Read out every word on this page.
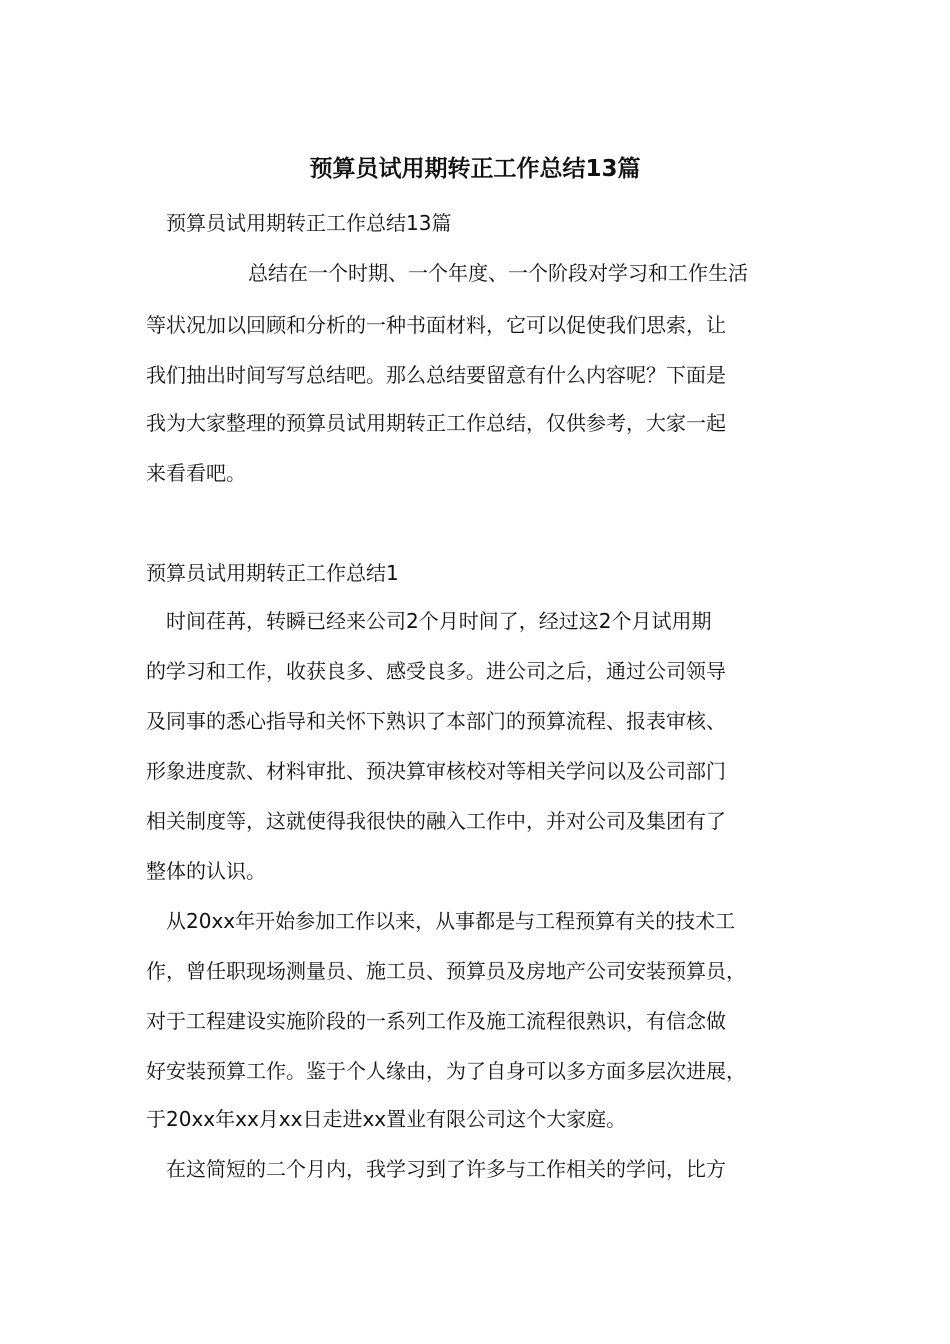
预算员试用期转正工作总结13篇
预算员试用期转正工作总结13篇
总结在一个时期、一个年度、一个阶段对学习和工作生活
等状况加以回顾和分析的一种书面材料，它可以促使我们思索，让
我们抽出时间写写总结吧。那么总结要留意有什么内容呢？下面是
我为大家整理的预算员试用期转正工作总结，仅供参考，大家一起
来看看吧。
预算员试用期转正工作总结1
时间荏苒，转瞬已经来公司2个月时间了，经过这2个月试用期
的学习和工作，收获良多、感受良多。进公司之后，通过公司领导
及同事的悉心指导和关怀下熟识了本部门的预算流程、报表审核、
形象进度款、材料审批、预决算审核校对等相关学问以及公司部门
相关制度等，这就使得我很快的融入工作中，并对公司及集团有了
整体的认识。
从20xx年开始参加工作以来，从事都是与工程预算有关的技术工
作，曾任职现场测量员、施工员、预算员及房地产公司安装预算员，
对于工程建设实施阶段的一系列工作及施工流程很熟识，有信念做
好安装预算工作。鉴于个人缘由，为了自身可以多方面多层次进展，
于20xx年xx月xx日走进xx置业有限公司这个大家庭。
在这简短的二个月内，我学习到了许多与工作相关的学问，比方
